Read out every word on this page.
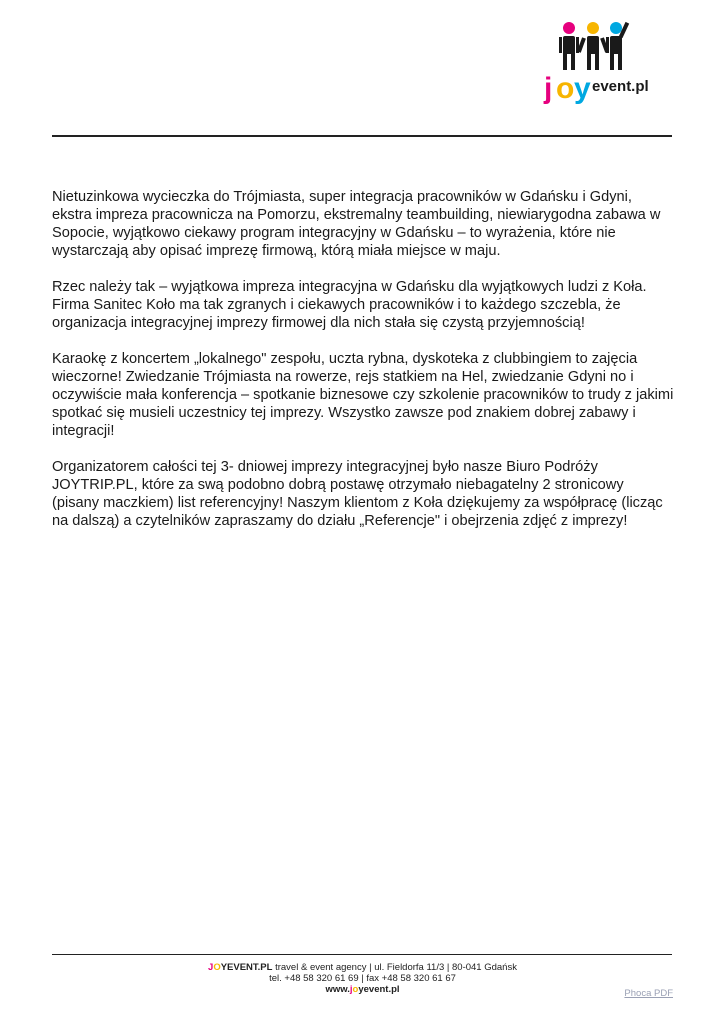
j o y event.pl

Nietuzinkowa wycieczka do Trójmiasta, super integracja pracowników w Gdańsku i Gdyni, ekstra impreza pracownicza na Pomorzu, ekstremalny teambuilding, niewiarygodna zabawa w Sopocie, wyjątkowo ciekawy program integracyjny w Gdańsku – to wyrażenia, które nie wystarczają aby opisać imprezę firmową, którą miała miejsce w maju.

Rzec należy tak – wyjątkowa impreza integracyjna w Gdańsku dla wyjątkowych ludzi z Koła. Firma Sanitec Koło ma tak zgranych i ciekawych pracowników i to każdego szczebla, że organizacja integracyjnej imprezy firmowej dla nich stała się czystą przyjemnością!

Karaokę z koncertem „lokalnego" zespołu, uczta rybna, dyskoteka z clubbingiem to zajęcia wieczorne! Zwiedzanie Trójmiasta na rowerze, rejs statkiem na Hel, zwiedzanie Gdyni no i oczywiście mała konferencja – spotkanie biznesowe czy szkolenie pracowników to trudy z jakimi spotkać się musieli uczestnicy tej imprezy. Wszystko zawsze pod znakiem dobrej zabawy i integracji!

Organizatorem całości tej 3- dniowej imprezy integracyjnej było nasze Biuro Podróży JOYTRIP.PL, które za swą podobno dobrą postawę otrzymało niebagatelny 2 stronicowy (pisany maczkiem) list referencyjny! Naszym klientom z Koła dziękujemy za współpracę (licząc na dalszą) a czytelników zapraszamy do działu „Referencje" i obejrzenia zdjęć z imprezy!

JOYEVENT.PL travel & event agency | ul. Fieldorfa 11/3 | 80-041 Gdańsk
tel. +48 58 320 61 69 | fax +48 58 320 61 67
www.joyevent.pl	Phoca PDF
